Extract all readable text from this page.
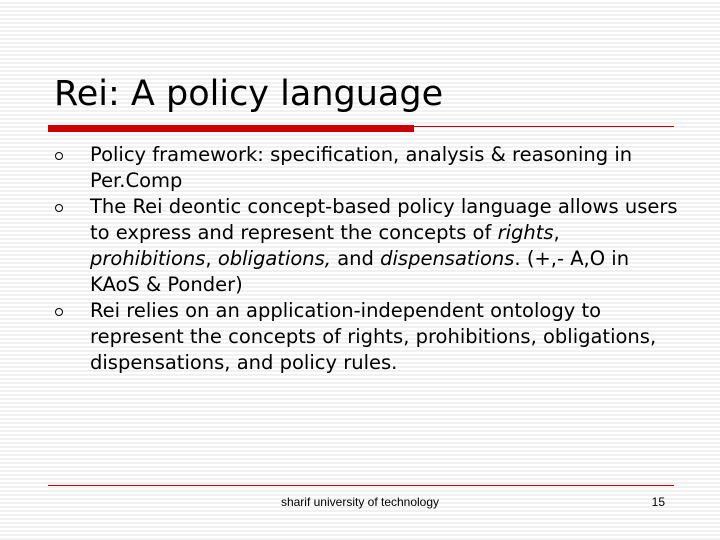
Rei: A policy language
Policy framework: specification, analysis & reasoning in Per.Comp
The Rei deontic concept-based policy language allows users to express and represent the concepts of rights, prohibitions, obligations, and dispensations. (+,- A,O in KAoS & Ponder)
Rei relies on an application-independent ontology to represent the concepts of rights, prohibitions, obligations, dispensations, and policy rules.
sharif university of technology	15
